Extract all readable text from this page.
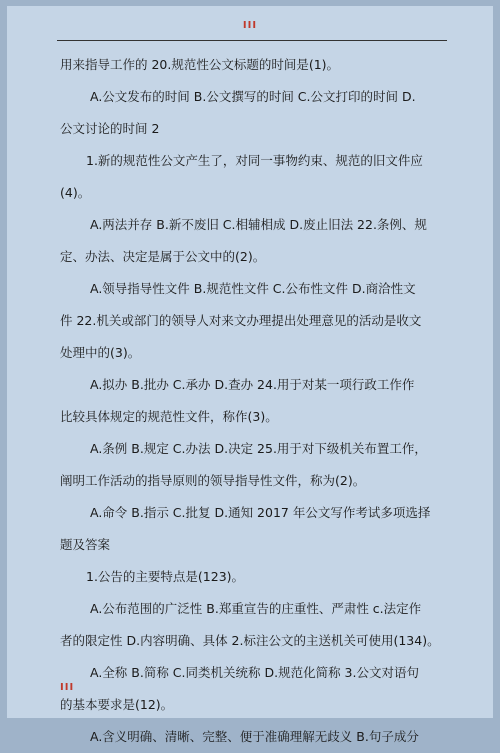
III
用来指导工作的 20.规范性公文标题的时间是(1)。
A.公文发布的时间 B.公文撰写的时间 C.公文打印的时间 D.
公文讨论的时间 2
1.新的规范性公文产生了，对同一事物约束、规范的旧文件应
(4)。
A.两法并存 B.新不废旧 C.相辅相成 D.废止旧法 22.条例、规
定、办法、决定是属于公文中的(2)。
A.领导指导性文件 B.规范性文件 C.公布性文件 D.商洽性文
件 22.机关或部门的领导人对来文办理提出处理意见的活动是收文
处理中的(3)。
A.拟办 B.批办 C.承办 D.查办 24.用于对某一项行政工作作
比较具体规定的规范性文件，称作(3)。
A.条例 B.规定 C.办法 D.决定 25.用于对下级机关布置工作，
阐明工作活动的指导原则的领导指导性文件，称为(2)。
A.命令 B.指示 C.批复 D.通知 2017 年公文写作考试多项选择
题及答案
1.公告的主要特点是(123)。
A.公布范围的广泛性 B.郑重宣告的庄重性、严肃性 c.法定作
者的限定性 D.内容明确、具体 2.标注公文的主送机关可使用(134)。
A.全称 B.简称 C.同类机关统称 D.规范化简称 3.公文对语句
的基本要求是(12)。
A.含义明确、清晰、完整、便于准确理解无歧义 B.句子成分
III
